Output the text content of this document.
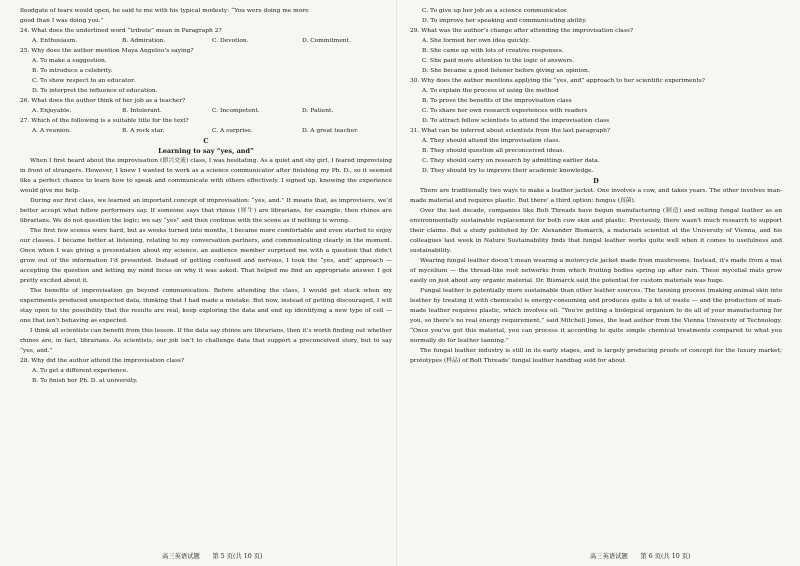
floodgate of tears would open, he said to me with his typical modesty: “You were doing me more

good than I was doing you.”

24. What does the underlined word “tribute” mean in Paragraph 2?

A. Enthusiasm.	B. Admiration.	C. Devotion.	D. Commitment.

25. Why does the author mention Maya Angelou’s saying?

A. To make a suggestion.

B. To introduce a celebrity.

C. To show respect to an educator.

D. To interpret the influence of education.

26. What does the author think of her job as a teacher?

A. Enjoyable.	B. Intolerant.	C. Incompetent.	D. Patient.

27. Which of the following is a suitable title for the text?

A. A reunion.	B. A rock star.	C. A surprise.	D. A great teacher.

C

Learning to say “yes, and”

When I first heard about the improvisation (即兴交流) class, I was hesitating. As a quiet and shy girl, I feared improvising in front of strangers. However, I knew I wanted to work as a science communicator after finishing my Ph. D., so it seemed like a perfect chance to learn how to speak and communicate with others effectively. I signed up, knowing the experience would give me help.

During our first class, we learned an important concept of improvisation: “yes, and.” It means that, as improvisers, we’d better accept what fellow performers say. If someone says that rhinos (犀牛) are librarians, for example, then rhinos are librarians. We do not question the logic; we say “yes” and then continue with the scene as if nothing is wrong.

The first few scenes were hard, but as weeks turned into months, I became more comfortable and even started to enjoy our classes. I became better at listening, relating to my conversation partners, and communicating clearly in the moment. Once when I was giving a presentation about my science, an audience member surprised me with a question that didn’t grow out of the information I’d presented. Instead of getting confused and nervous, I took the “yes, and” approach — accepting the question and letting my mind focus on why it was asked. That helped me find an appropriate answer. I got pretty excited about it.

The benefits of improvisation go beyond communication. Before attending the class, I would get stuck when my experiments produced unexpected data, thinking that I had made a mistake. But now, instead of getting discouraged, I will stay open to the possibility that the results are real, keep exploring the data and end up identifying a new type of cell — one that isn’t behaving as expected.

I think all scientists can benefit from this lesson. If the data say rhinos are librarians, then it’s worth finding out whether rhinos are, in fact, librarians. As scientists, our job isn’t to challenge data that support a preconceived story, but to say “yes, and.”

28. Why did the author attend the improvisation class?

A. To get a different experience.

B. To finish her Ph. D. at university.

高三英语试题　　第 5 页(共 10 页)

C. To give up her job as a science communicator.

D. To improve her speaking and communicating ability.

29. What was the author’s change after attending the improvisation class?

A. She formed her own idea quickly.

B. She came up with lots of creative responses.

C. She paid more attention to the logic of answers.

D. She became a good listener before giving an opinion.

30. Why does the author mentions applying the “yes, and” approach to her scientific experiments?

A. To explain the process of using the method

B. To prove the benefits of the improvisation class

C. To share her own research experiences with readers

D. To attract fellow scientists to attend the improvisation class

31. What can be inferred about scientists from the last paragraph?

A. They should attend the improvisation class.

B. They should question all preconceived ideas.

C. They should carry on research by admitting earlier data.

D. They should try to improve their academic knowledge.

D

There are traditionally two ways to make a leather jacket. One involves a cow, and takes years. The other involves man-made material and requires plastic. But there’ a third option: fungus (真菌).

Over the last decade, companies like Bolt Threads have begun manufacturing (制造) and selling fungal leather as an environmentally sustainable replacement for both cow skin and plastic. Previously, there wasn’t much research to support their claims. But a study published by Dr. Alexander Bismarck, a materials scientist at the University of Vienna, and his colleagues last week in Nature Sustainability finds that fungal leather works quite well when it comes to usefulness and sustainability.

Wearing fungal leather doesn’t mean wearing a motorcycle jacket made from mushrooms. Instead, it’s made from a mat of mycelium — the thread-like root networks from which fruiting bodies spring up after rain. These mycelial mats grow easily on just about any organic material. Dr. Bismarck said the potential for custom materials was huge.

Fungal leather is potentially more sustainable than other leather sources. The tanning process (making animal skin into leather by treating it with chemicals) is energy-consuming and produces quite a bit of waste — and the production of man-made leather requires plastic, which involves oil. “You’re getting a biological organism to do all of your manufacturing for you, so there’s no real energy requirement,” said Mitchell Jones, the lead author from the Vienna University of Technology. “Once you’ve got this material, you can process it according to quite simple chemical treatments compared to what you normally do for leather tanning.”

The fungal leather industry is still in its early stages, and is largely producing proofs of concept for the luxury market; prototypes (样品) of Bolt Threads’ fungal leather handbag sold for about

高三英语试题　　第 6 页(共 10 页)
